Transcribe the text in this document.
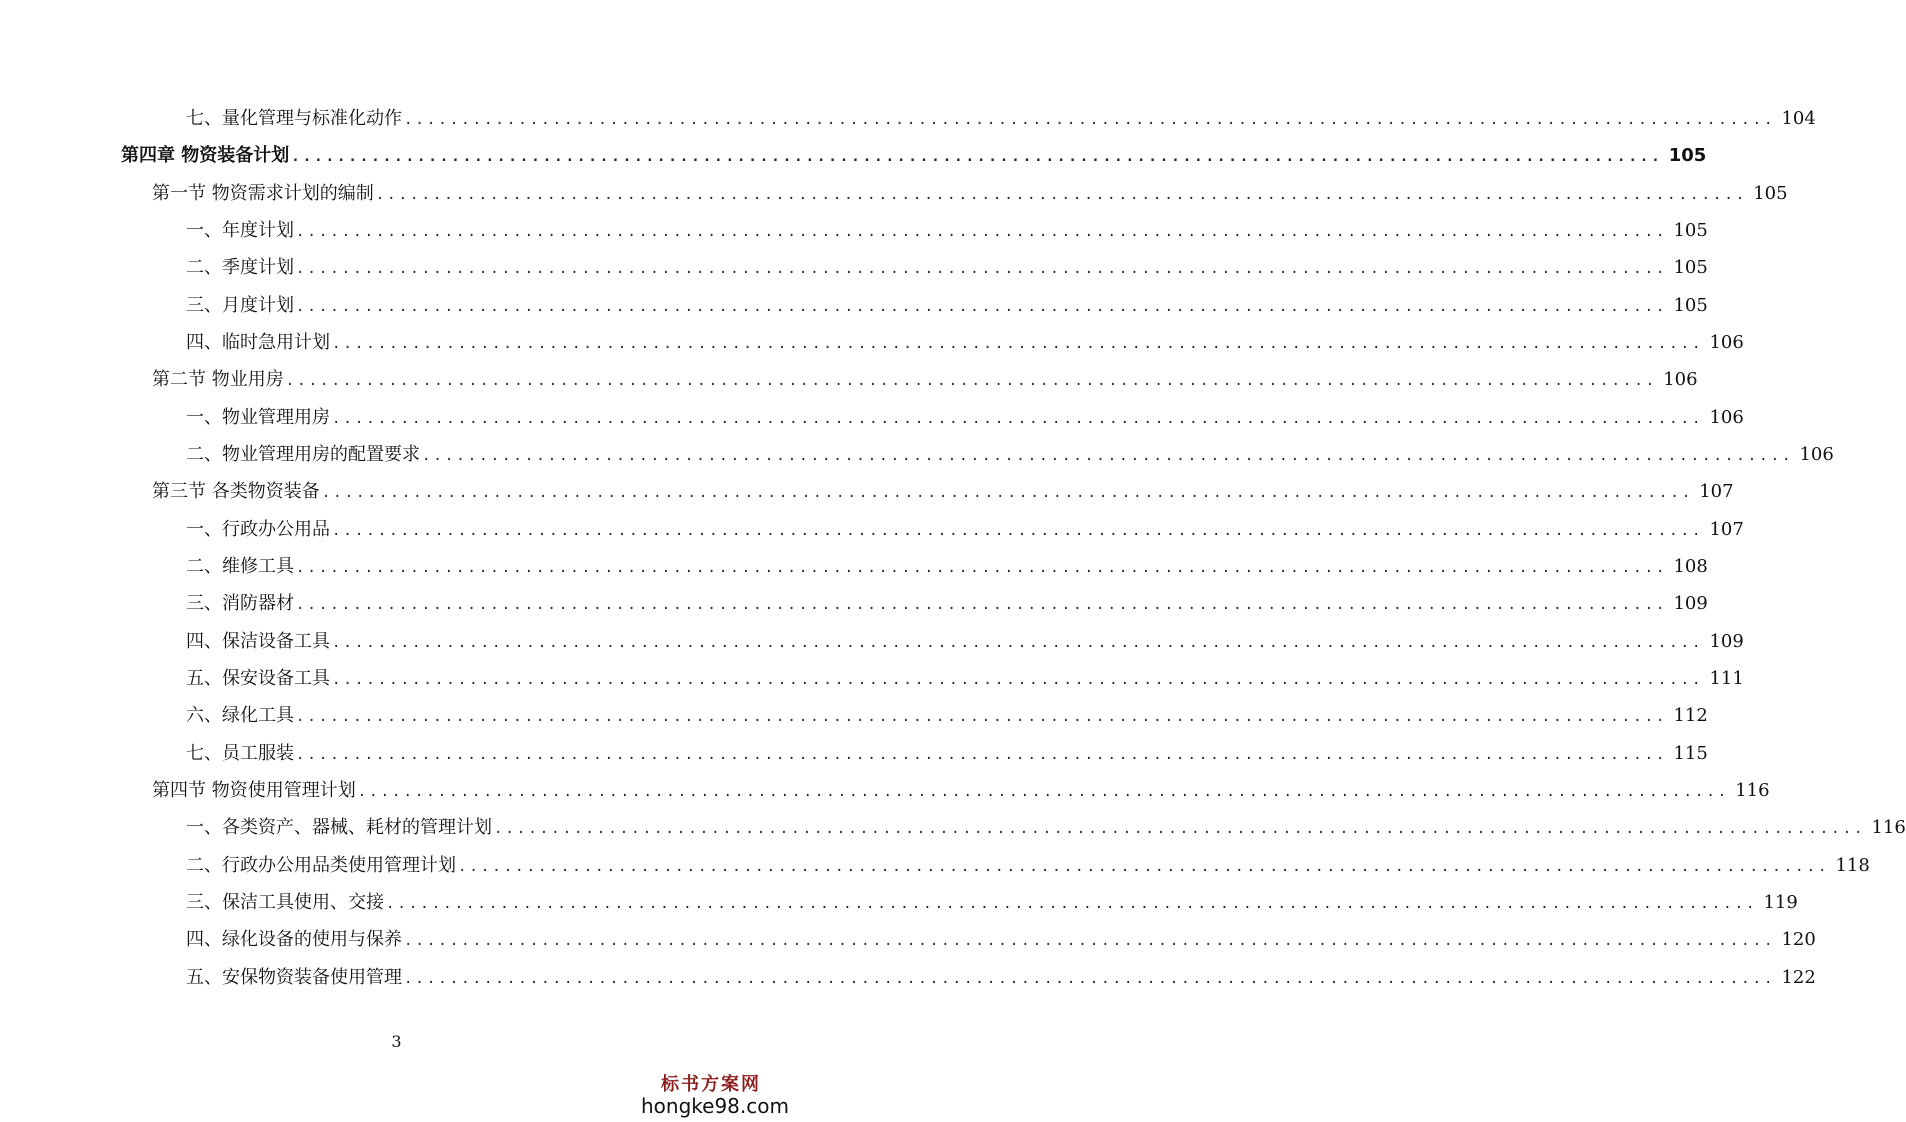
七、量化管理与标准化动作 ........................................................................................................................ 104
第四章 物资装备计划 ........................................................................................................................ 105
第一节 物资需求计划的编制 ........................................................................................................................ 105
一、年度计划 ........................................................................................................................ 105
二、季度计划 ........................................................................................................................ 105
三、月度计划 ........................................................................................................................ 105
四、临时急用计划 ........................................................................................................................ 106
第二节 物业用房 ........................................................................................................................ 106
一、物业管理用房 ........................................................................................................................ 106
二、物业管理用房的配置要求 ........................................................................................................................ 106
第三节 各类物资装备 ........................................................................................................................ 107
一、行政办公用品 ........................................................................................................................ 107
二、维修工具 ........................................................................................................................ 108
三、消防器材 ........................................................................................................................ 109
四、保洁设备工具 ........................................................................................................................ 109
五、保安设备工具 ........................................................................................................................ 111
六、绿化工具 ........................................................................................................................ 112
七、员工服装 ........................................................................................................................ 115
第四节 物资使用管理计划 ........................................................................................................................ 116
一、各类资产、器械、耗材的管理计划 ........................................................................................................................ 116
二、行政办公用品类使用管理计划 ........................................................................................................................ 118
三、保洁工具使用、交接 ........................................................................................................................ 119
四、绿化设备的使用与保养 ........................................................................................................................ 120
五、安保物资装备使用管理 ........................................................................................................................ 122
3
标书方案网
hongke98.com
